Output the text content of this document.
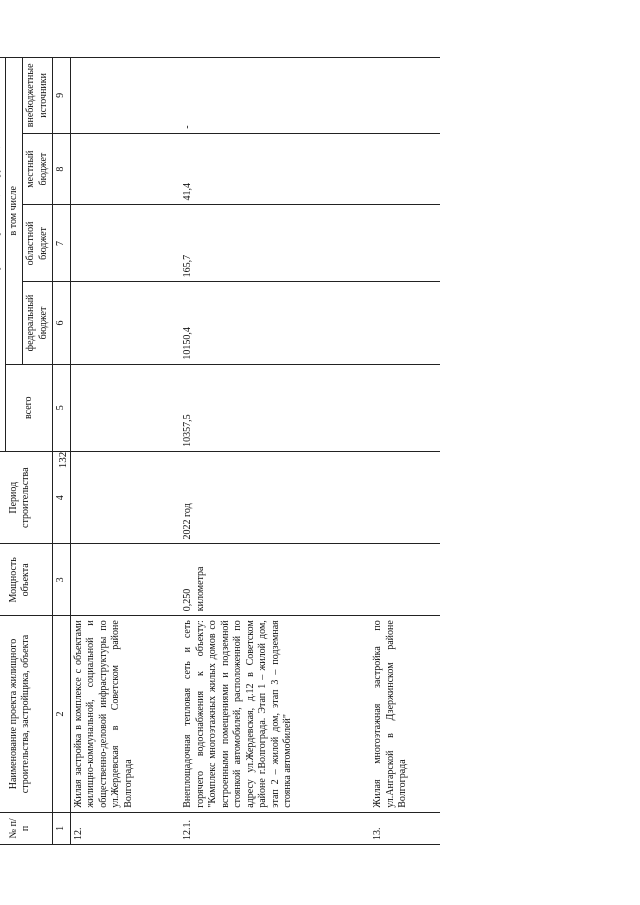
132
№ п/п	Наименование проекта жилищного строительства, застройщика, объекта	Мощность объекта	Период строительства	
				всего	в том числе			
					федеральный бюджет	областной бюджет	местный бюджет	внебюджетные источники
1	2	3	4	5	6	7	8	9
12.	Жилая застройка в комплексе с объектами жилищно-коммунальной, социальной и общественно-деловой инфраструктуры по ул.Жердевская в Советском районе Волгограда							
12.1.	Внеплощадочная тепловая сеть и сеть горячего водоснабжения к объекту: "Комплекс многоэтажных жилых домов со встроенными помещениями и подземной стоянкой автомобилей, расположенной по адресу ул.Жердевская, д.12 в Советском районе г.Волгограда. Этап 1 – жилой дом, этап 2 – жилой дом, этап 3 – подземная стоянка автомобилей"	0,250 километра	2022 год	10357,5	10150,4	165,7	41,4	-
13.	Жилая многоэтажная застройка по ул.Ангарской в Дзержинском районе Волгограда							
